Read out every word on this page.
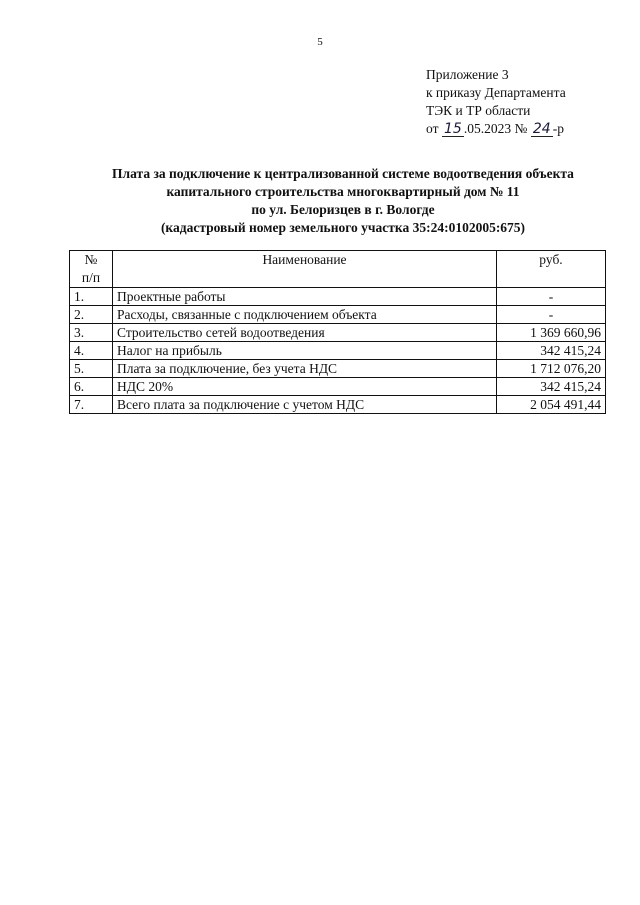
5
Приложение 3
к приказу Департамента
ТЭК и ТР области
от 15 .05.2023 № 24 -р
Плата за подключение к централизованной системе водоотведения объекта
капитального строительства многоквартирный дом № 11
по ул. Белоризцев в г. Вологде
(кадастровый номер земельного участка 35:24:0102005:675)
№
п/п	Наименование	руб.
1.	Проектные работы	-
2.	Расходы, связанные с подключением объекта	-
3.	Строительство сетей водоотведения	1 369 660,96
4.	Налог на прибыль	342 415,24
5.	Плата за подключение, без учета НДС	1 712 076,20
6.	НДС 20%	342 415,24
7.	Всего плата за подключение с учетом НДС	2 054 491,44
